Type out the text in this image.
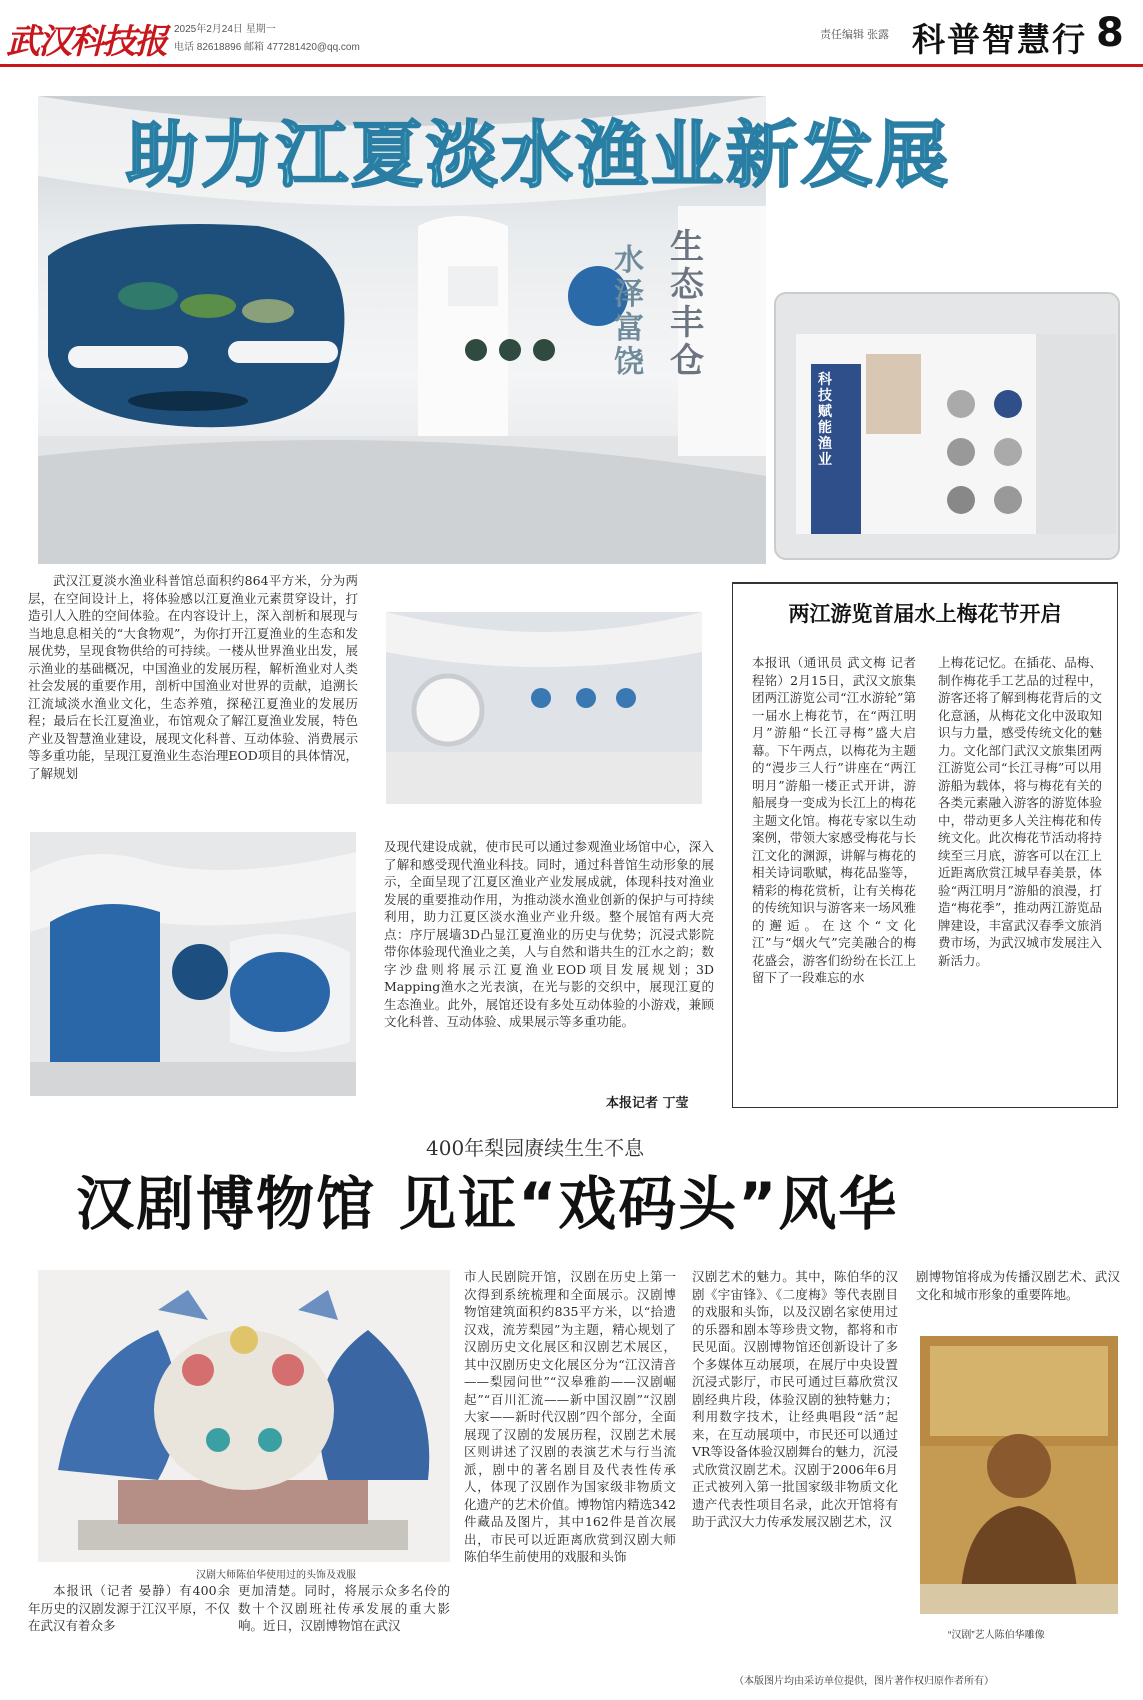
武汉科技报 2025年2月24日 星期一
电话 82618896 邮箱 477281420@qq.com
责任编辑 张露 科普智慧行 8
生态丰仓
水泽富饶
助力江夏淡水渔业新发展
科技赋能渔业
武汉江夏淡水渔业科普馆总面积约864平方米，分为两层，在空间设计上，将体验感以江夏渔业元素贯穿设计，打造引人入胜的空间体验。在内容设计上，深入剖析和展现与当地息息相关的“大食物观”，为你打开江夏渔业的生态和发展优势，呈现食物供给的可持续。一楼从世界渔业出发，展示渔业的基础概况，中国渔业的发展历程，解析渔业对人类社会发展的重要作用，剖析中国渔业对世界的贡献，追溯长江流域淡水渔业文化，生态养殖，探秘江夏渔业的发展历程；最后在长江夏渔业，布馆观众了解江夏渔业发展，特色产业及智慧渔业建设，展现文化科普、互动体验、消费展示等多重功能，呈现江夏渔业生态治理EOD项目的具体情况，了解规划
及现代建设成就，使市民可以通过参观渔业场馆中心，深入了解和感受现代渔业科技。同时，通过科普馆生动形象的展示，全面呈现了江夏区渔业产业发展成就，体现科技对渔业发展的重要推动作用，为推动淡水渔业创新的保护与可持续利用，助力江夏区淡水渔业产业升级。整个展馆有两大亮点：序厅展墙3D凸显江夏渔业的历史与优势；沉浸式影院带你体验现代渔业之美，人与自然和谐共生的江水之韵；数字沙盘则将展示江夏渔业EOD项目发展规划；3D Mapping渔水之光表演，在光与影的交织中，展现江夏的生态渔业。此外，展馆还设有多处互动体验的小游戏，兼顾文化科普、互动体验、成果展示等多重功能。
本报记者 丁莹
两江游览首届水上梅花节开启
本报讯（通讯员 武文梅 记者 程铭）2月15日，武汉文旅集团两江游览公司“江水游轮”第一届水上梅花节，在“两江明月”游船“长江寻梅”盛大启幕。下午两点，以梅花为主题的“漫步三人行”讲座在“两江明月”游船一楼正式开讲，游船展身一变成为长江上的梅花主题文化馆。梅花专家以生动案例，带领大家感受梅花与长江文化的渊源，讲解与梅花的相关诗词歌赋，梅花品鉴等，精彩的梅花赏析，让有关梅花的传统知识与游客来一场风雅的邂逅。在这个“文化江”与“烟火气”完美融合的梅花盛会，游客们纷纷在长江上留下了一段难忘的水
上梅花记忆。在插花、品梅、制作梅花手工艺品的过程中，游客还将了解到梅花背后的文化意涵，从梅花文化中汲取知识与力量，感受传统文化的魅力。文化部门武汉文旅集团两江游览公司“长江寻梅”可以用游船为载体，将与梅花有关的各类元素融入游客的游览体验中，带动更多人关注梅花和传统文化。此次梅花节活动将持续至三月底，游客可以在江上近距离欣赏江城早春美景，体验“两江明月”游船的浪漫，打造“梅花季”，推动两江游览品牌建设，丰富武汉春季文旅消费市场，为武汉城市发展注入新活力。
400年梨园赓续生生不息
汉剧博物馆 见证“戏码头”风华
汉剧大师陈伯华使用过的头饰及戏服
本报讯（记者 晏静）有400余年历史的汉剧发源于江汉平原，不仅在武汉有着众多
更加清楚。同时，将展示众多名伶的数十个汉剧班社传承发展的重大影响。近日，汉剧博物馆在武汉
市人民剧院开馆，汉剧在历史上第一次得到系统梳理和全面展示。汉剧博物馆建筑面积约835平方米，以“拾遗汉戏，流芳梨园”为主题，精心规划了汉剧历史文化展区和汉剧艺术展区，其中汉剧历史文化展区分为“江汉清音——梨园问世”“汉皋雅韵——汉剧崛起”“百川汇流——新中国汉剧”“汉剧大家——新时代汉剧”四个部分，全面展现了汉剧的发展历程，汉剧艺术展区则讲述了汉剧的表演艺术与行当流派，剧中的著名剧目及代表性传承人，体现了汉剧作为国家级非物质文化遗产的艺术价值。博物馆内精选342件藏品及图片，其中162件是首次展出，市民可以近距离欣赏到汉剧大师陈伯华生前使用的戏服和头饰
汉剧艺术的魅力。其中，陈伯华的汉剧《宇宙锋》、《二度梅》等代表剧目的戏服和头饰，以及汉剧名家使用过的乐器和剧本等珍贵文物，都将和市民见面。汉剧博物馆还创新设计了多个多媒体互动展项，在展厅中央设置沉浸式影厅，市民可通过巨幕欣赏汉剧经典片段，体验汉剧的独特魅力；利用数字技术，让经典唱段“活”起来，在互动展项中，市民还可以通过VR等设备体验汉剧舞台的魅力，沉浸式欣赏汉剧艺术。汉剧于2006年6月正式被列入第一批国家级非物质文化遗产代表性项目名录，此次开馆将有助于武汉大力传承发展汉剧艺术，汉
剧博物馆将成为传播汉剧艺术、武汉文化和城市形象的重要阵地。
“汉剧”艺人陈伯华雕像
（本版图片均由采访单位提供，图片著作权归原作者所有）
